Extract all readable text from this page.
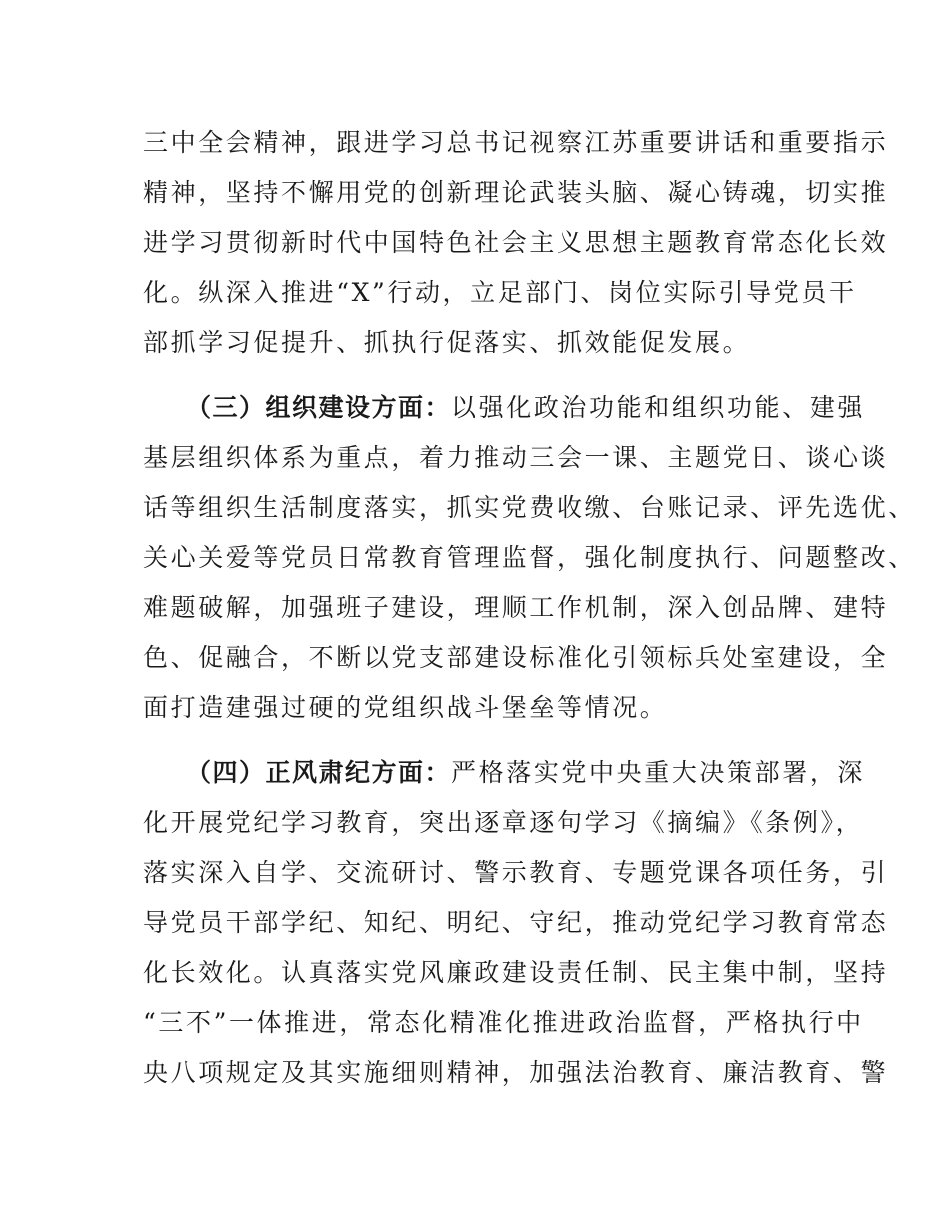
三中全会精神，跟进学习总书记视察江苏重要讲话和重要指示
精神，坚持不懈用党的创新理论武装头脑、凝心铸魂，切实推
进学习贯彻新时代中国特色社会主义思想主题教育常态化长效
化。纵深入推进“X”行动，立足部门、岗位实际引导党员干
部抓学习促提升、抓执行促落实、抓效能促发展。
（三）组织建设方面：以强化政治功能和组织功能、建强
基层组织体系为重点，着力推动三会一课、主题党日、谈心谈
话等组织生活制度落实，抓实党费收缴、台账记录、评先选优、
关心关爱等党员日常教育管理监督，强化制度执行、问题整改、
难题破解，加强班子建设，理顺工作机制，深入创品牌、建特
色、促融合，不断以党支部建设标准化引领标兵处室建设，全
面打造建强过硬的党组织战斗堡垒等情况。
（四）正风肃纪方面：严格落实党中央重大决策部署，深
化开展党纪学习教育，突出逐章逐句学习《摘编》《条例》，
落实深入自学、交流研讨、警示教育、专题党课各项任务，引
导党员干部学纪、知纪、明纪、守纪，推动党纪学习教育常态
化长效化。认真落实党风廉政建设责任制、民主集中制，坚持
“三不”一体推进，常态化精准化推进政治监督，严格执行中
央八项规定及其实施细则精神，加强法治教育、廉洁教育、警
